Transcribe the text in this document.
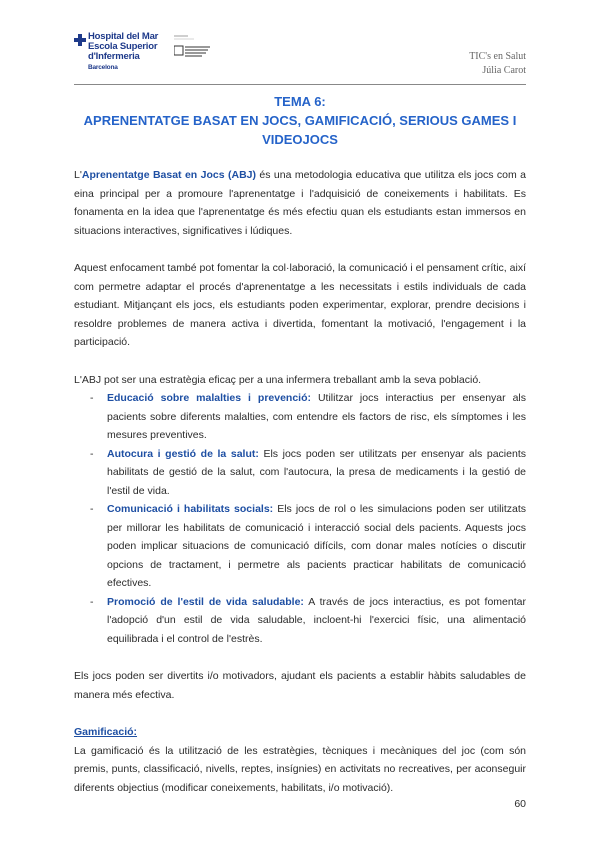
Hospital del Mar
Escola Superior
d'Infermeria
Barcelona
TIC's en Salut
Júlia Carot
TEMA 6:
APRENENTATGE BASAT EN JOCS, GAMIFICACIÓ, SERIOUS GAMES I VIDEOJOCS

L'Aprenentatge Basat en Jocs (ABJ) és una metodologia educativa que utilitza els jocs com a eina principal per a promoure l'aprenentatge i l'adquisició de coneixements i habilitats. Es fonamenta en la idea que l'aprenentatge és més efectiu quan els estudiants estan immersos en situacions interactives, significatives i lúdiques.

Aquest enfocament també pot fomentar la col·laboració, la comunicació i el pensament crític, així com permetre adaptar el procés d'aprenentatge a les necessitats i estils individuals de cada estudiant. Mitjançant els jocs, els estudiants poden experimentar, explorar, prendre decisions i resoldre problemes de manera activa i divertida, fomentant la motivació, l'engagement i la participació.

L'ABJ pot ser una estratègia eficaç per a una infermera treballant amb la seva població.

- Educació sobre malalties i prevenció: Utilitzar jocs interactius per ensenyar als pacients sobre diferents malalties, com entendre els factors de risc, els símptomes i les mesures preventives.
- Autocura i gestió de la salut: Els jocs poden ser utilitzats per ensenyar als pacients habilitats de gestió de la salut, com l'autocura, la presa de medicaments i la gestió de l'estil de vida.
- Comunicació i habilitats socials: Els jocs de rol o les simulacions poden ser utilitzats per millorar les habilitats de comunicació i interacció social dels pacients. Aquests jocs poden implicar situacions de comunicació difícils, com donar males notícies o discutir opcions de tractament, i permetre als pacients practicar habilitats de comunicació efectives.
- Promoció de l'estil de vida saludable: A través de jocs interactius, es pot fomentar l'adopció d'un estil de vida saludable, incloent-hi l'exercici físic, una alimentació equilibrada i el control de l'estrès.

Els jocs poden ser divertits i/o motivadors, ajudant els pacients a establir hàbits saludables de manera més efectiva.

Gamificació:

La gamificació és la utilització de les estratègies, tècniques i mecàniques del joc (com són premis, punts, classificació, nivells, reptes, insígnies) en activitats no recreatives, per aconseguir diferents objectius (modificar coneixements, habilitats, i/o motivació).

60
